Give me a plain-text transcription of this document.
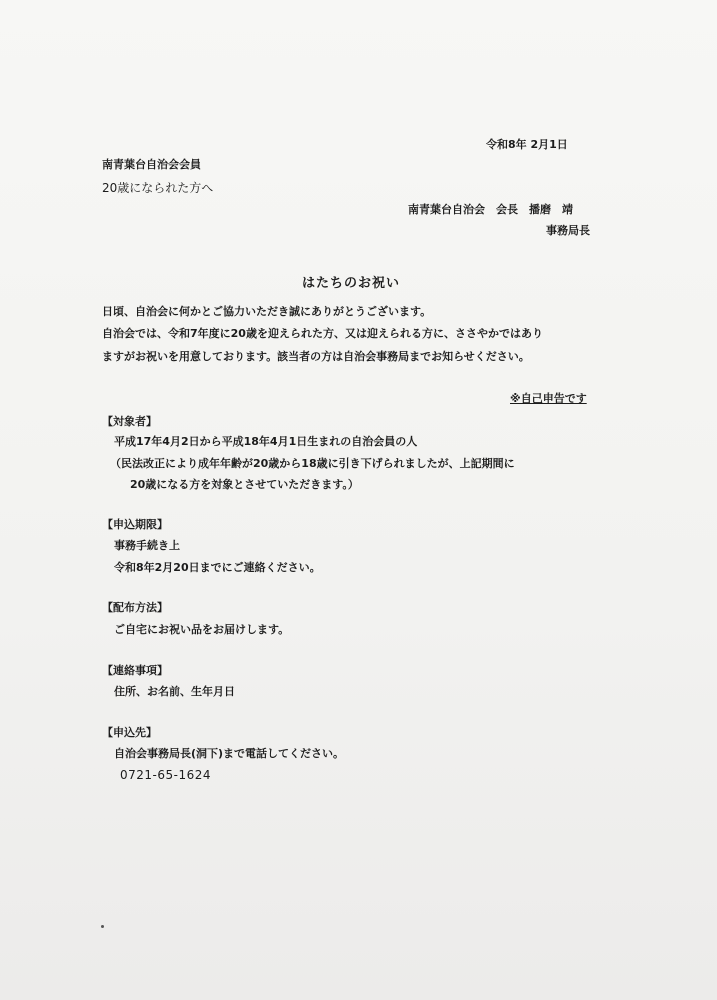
令和8年 2月1日
南青葉台自治会会員
20歳になられた方へ
南青葉台自治会　会長　播磨　靖
事務局長
はたちのお祝い
日頃、自治会に何かとご協力いただき誠にありがとうございます。
自治会では、令和7年度に20歳を迎えられた方、又は迎えられる方に、ささやかではあり
ますがお祝いを用意しております。該当者の方は自治会事務局までお知らせください。
※自己申告です
【対象者】
平成17年4月2日から平成18年4月1日生まれの自治会員の人
（民法改正により成年年齢が20歳から18歳に引き下げられましたが、上記期間に
20歳になる方を対象とさせていただきます。）
【申込期限】
事務手続き上
令和8年2月20日までにご連絡ください。
【配布方法】
ご自宅にお祝い品をお届けします。
【連絡事項】
住所、お名前、生年月日
【申込先】
自治会事務局長(洞下)まで電話してください。
0721-65-1624
